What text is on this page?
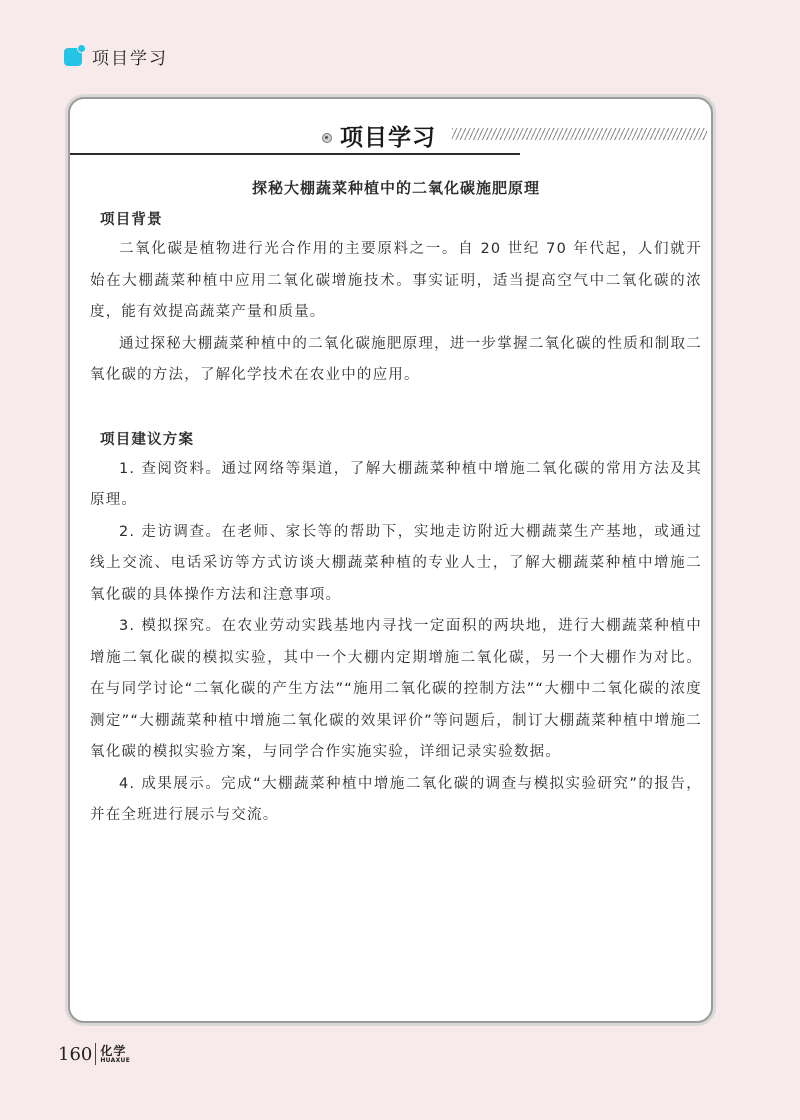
项目学习
项目学习

探秘大棚蔬菜种植中的二氧化碳施肥原理

项目背景

二氧化碳是植物进行光合作用的主要原料之一。自 20 世纪 70 年代起，人们就开始在大棚蔬菜种植中应用二氧化碳增施技术。事实证明，适当提高空气中二氧化碳的浓度，能有效提高蔬菜产量和质量。

通过探秘大棚蔬菜种植中的二氧化碳施肥原理，进一步掌握二氧化碳的性质和制取二氧化碳的方法，了解化学技术在农业中的应用。

项目建议方案

1. 查阅资料。通过网络等渠道，了解大棚蔬菜种植中增施二氧化碳的常用方法及其原理。

2. 走访调查。在老师、家长等的帮助下，实地走访附近大棚蔬菜生产基地，或通过线上交流、电话采访等方式访谈大棚蔬菜种植的专业人士，了解大棚蔬菜种植中增施二氧化碳的具体操作方法和注意事项。

3. 模拟探究。在农业劳动实践基地内寻找一定面积的两块地，进行大棚蔬菜种植中增施二氧化碳的模拟实验，其中一个大棚内定期增施二氧化碳，另一个大棚作为对比。在与同学讨论“二氧化碳的产生方法”“施用二氧化碳的控制方法”“大棚中二氧化碳的浓度测定”“大棚蔬菜种植中增施二氧化碳的效果评价”等问题后，制订大棚蔬菜种植中增施二氧化碳的模拟实验方案，与同学合作实施实验，详细记录实验数据。

4. 成果展示。完成“大棚蔬菜种植中增施二氧化碳的调查与模拟实验研究”的报告，并在全班进行展示与交流。

160 化学
HUAXUE
